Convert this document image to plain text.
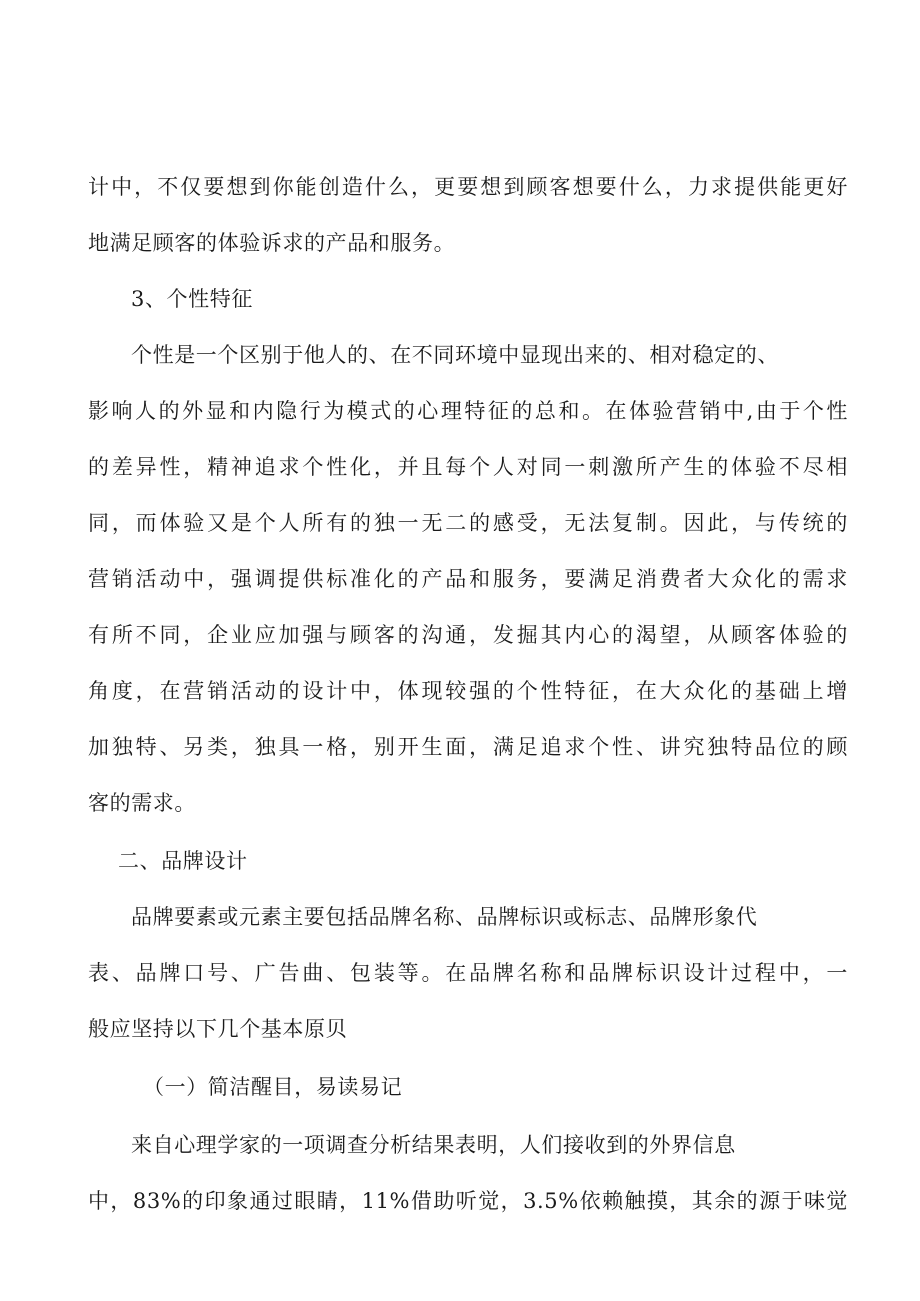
计中，不仅要想到你能创造什么，更要想到顾客想要什么，力求提供能更好
地满足顾客的体验诉求的产品和服务。
3、个性特征
个性是一个区别于他人的、在不同环境中显现出来的、相对稳定的、
影响人的外显和内隐行为模式的心理特征的总和。在体验营销中,由于个性
的差异性，精神追求个性化，并且每个人对同一刺激所产生的体验不尽相
同，而体验又是个人所有的独一无二的感受，无法复制。因此，与传统的
营销活动中，强调提供标准化的产品和服务，要满足消费者大众化的需求
有所不同，企业应加强与顾客的沟通，发掘其内心的渴望，从顾客体验的
角度，在营销活动的设计中，体现较强的个性特征，在大众化的基础上增
加独特、另类，独具一格，别开生面，满足追求个性、讲究独特品位的顾
客的需求。
二、品牌设计
品牌要素或元素主要包括品牌名称、品牌标识或标志、品牌形象代
表、品牌口号、广告曲、包装等。在品牌名称和品牌标识设计过程中，一
般应坚持以下几个基本原贝
（一）简洁醒目，易读易记
来自心理学家的一项调查分析结果表明，人们接收到的外界信息
中，83%的印象通过眼睛，11%借助听觉，3.5%依赖触摸，其余的源于味觉
